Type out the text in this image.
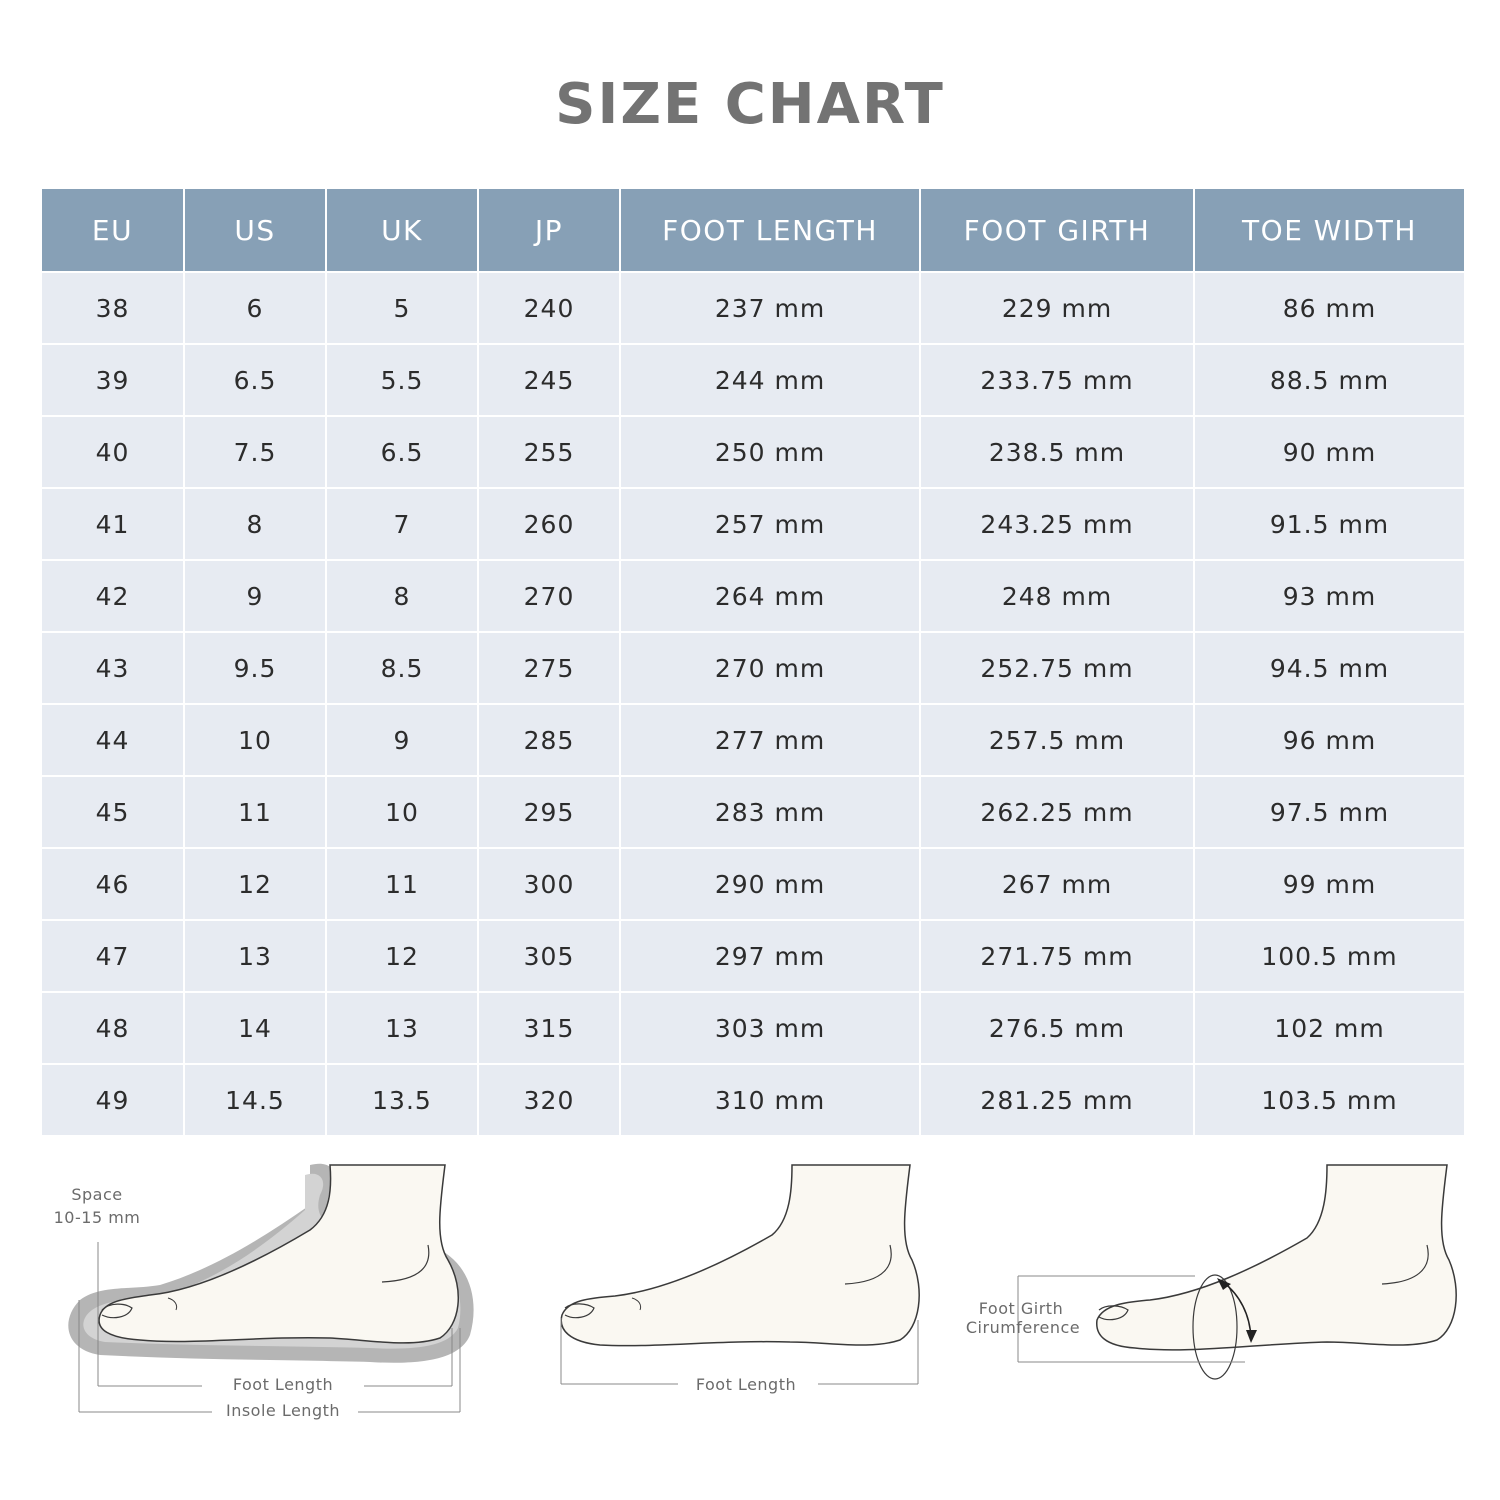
SIZE CHART
EU	US	UK	JP	FOOT LENGTH	FOOT GIRTH	TOE WIDTH
38	6	5	240	237 mm	229 mm	86 mm
39	6.5	5.5	245	244 mm	233.75 mm	88.5 mm
40	7.5	6.5	255	250 mm	238.5 mm	90 mm
41	8	7	260	257 mm	243.25 mm	91.5 mm
42	9	8	270	264 mm	248 mm	93 mm
43	9.5	8.5	275	270 mm	252.75 mm	94.5 mm
44	10	9	285	277 mm	257.5 mm	96 mm
45	11	10	295	283 mm	262.25 mm	97.5 mm
46	12	11	300	290 mm	267 mm	99 mm
47	13	12	305	297 mm	271.75 mm	100.5 mm
48	14	13	315	303 mm	276.5 mm	102 mm
49	14.5	13.5	320	310 mm	281.25 mm	103.5 mm
Space
10-15 mm
Foot Length
Insole Length
Foot Length
Foot Girth
Cirumference
